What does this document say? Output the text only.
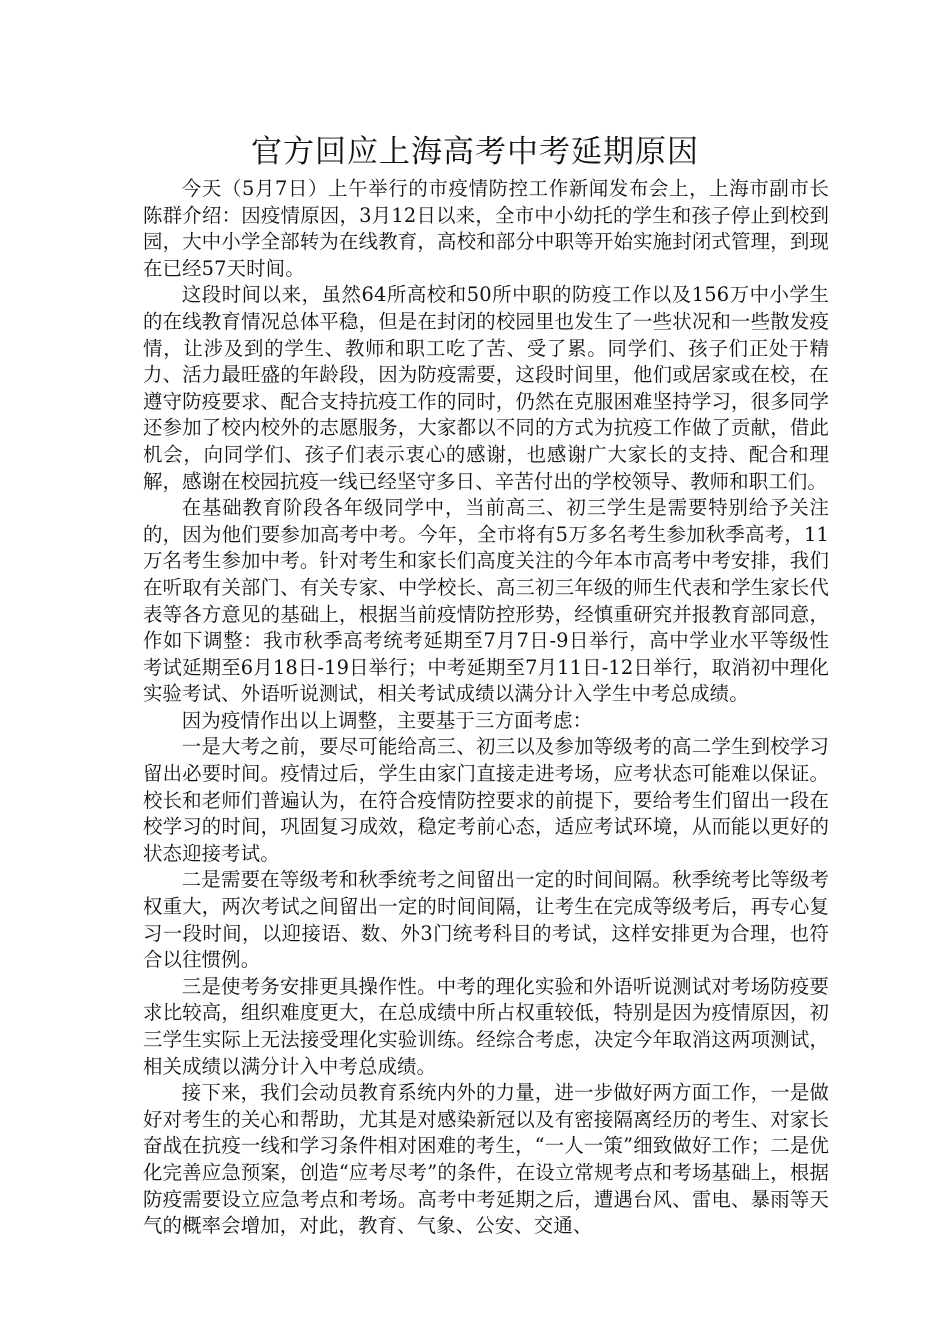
官方回应上海高考中考延期原因

今天（5月7日）上午举行的市疫情防控工作新闻发布会上，上海市副市长陈群介绍：因疫情原因，3月12日以来，全市中小幼托的学生和孩子停止到校到园，大中小学全部转为在线教育，高校和部分中职等开始实施封闭式管理，到现在已经57天时间。

这段时间以来，虽然64所高校和50所中职的防疫工作以及156万中小学生的在线教育情况总体平稳，但是在封闭的校园里也发生了一些状况和一些散发疫情，让涉及到的学生、教师和职工吃了苦、受了累。同学们、孩子们正处于精力、活力最旺盛的年龄段，因为防疫需要，这段时间里，他们或居家或在校，在遵守防疫要求、配合支持抗疫工作的同时，仍然在克服困难坚持学习，很多同学还参加了校内校外的志愿服务，大家都以不同的方式为抗疫工作做了贡献，借此机会，向同学们、孩子们表示衷心的感谢，也感谢广大家长的支持、配合和理解，感谢在校园抗疫一线已经坚守多日、辛苦付出的学校领导、教师和职工们。

在基础教育阶段各年级同学中，当前高三、初三学生是需要特别给予关注的，因为他们要参加高考中考。今年，全市将有5万多名考生参加秋季高考，11万名考生参加中考。针对考生和家长们高度关注的今年本市高考中考安排，我们在听取有关部门、有关专家、中学校长、高三初三年级的师生代表和学生家长代表等各方意见的基础上，根据当前疫情防控形势，经慎重研究并报教育部同意，作如下调整：我市秋季高考统考延期至7月7日-9日举行，高中学业水平等级性考试延期至6月18日-19日举行；中考延期至7月11日-12日举行，取消初中理化实验考试、外语听说测试，相关考试成绩以满分计入学生中考总成绩。

因为疫情作出以上调整，主要基于三方面考虑：

一是大考之前，要尽可能给高三、初三以及参加等级考的高二学生到校学习留出必要时间。疫情过后，学生由家门直接走进考场，应考状态可能难以保证。校长和老师们普遍认为，在符合疫情防控要求的前提下，要给考生们留出一段在校学习的时间，巩固复习成效，稳定考前心态，适应考试环境，从而能以更好的状态迎接考试。

二是需要在等级考和秋季统考之间留出一定的时间间隔。秋季统考比等级考权重大，两次考试之间留出一定的时间间隔，让考生在完成等级考后，再专心复习一段时间，以迎接语、数、外3门统考科目的考试，这样安排更为合理，也符合以往惯例。

三是使考务安排更具操作性。中考的理化实验和外语听说测试对考场防疫要求比较高，组织难度更大，在总成绩中所占权重较低，特别是因为疫情原因，初三学生实际上无法接受理化实验训练。经综合考虑，决定今年取消这两项测试，相关成绩以满分计入中考总成绩。

接下来，我们会动员教育系统内外的力量，进一步做好两方面工作，一是做好对考生的关心和帮助，尤其是对感染新冠以及有密接隔离经历的考生、对家长奋战在抗疫一线和学习条件相对困难的考生，“一人一策”细致做好工作；二是优化完善应急预案，创造“应考尽考”的条件，在设立常规考点和考场基础上，根据防疫需要设立应急考点和考场。高考中考延期之后，遭遇台风、雷电、暴雨等天气的概率会增加，对此，教育、气象、公安、交通、
